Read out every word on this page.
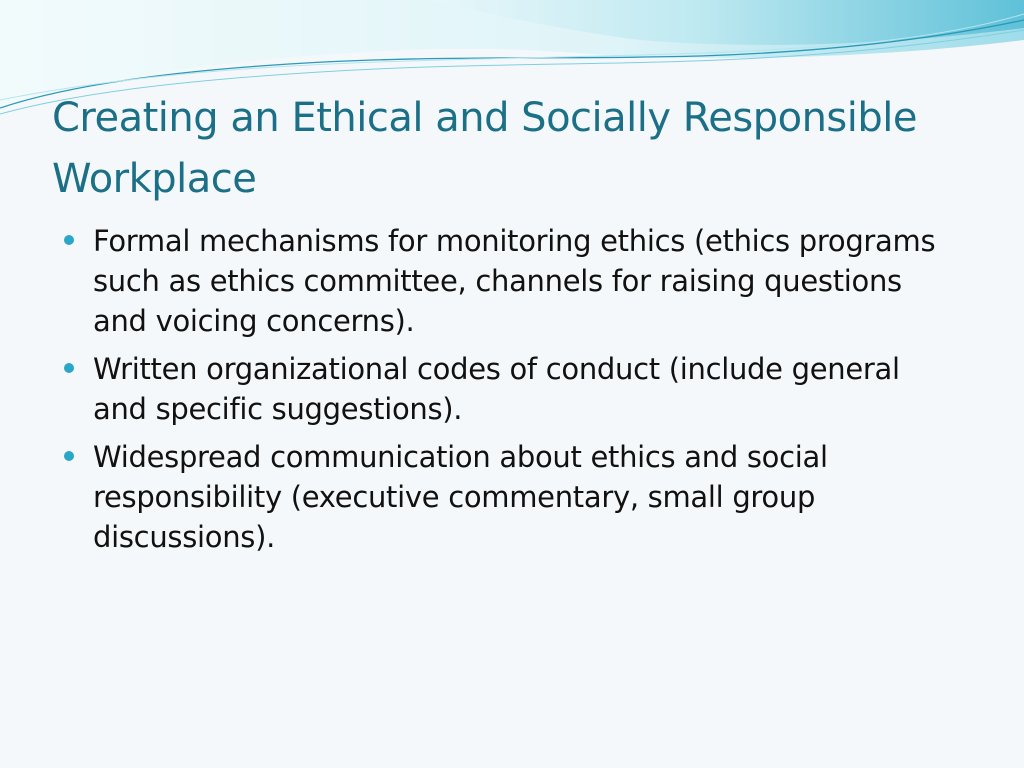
Creating an Ethical and Socially Responsible Workplace
Formal mechanisms for monitoring ethics (ethics programs such as ethics committee, channels for raising questions and voicing concerns).
Written organizational codes of conduct (include general and specific suggestions).
Widespread communication about ethics and social responsibility (executive commentary, small group discussions).
